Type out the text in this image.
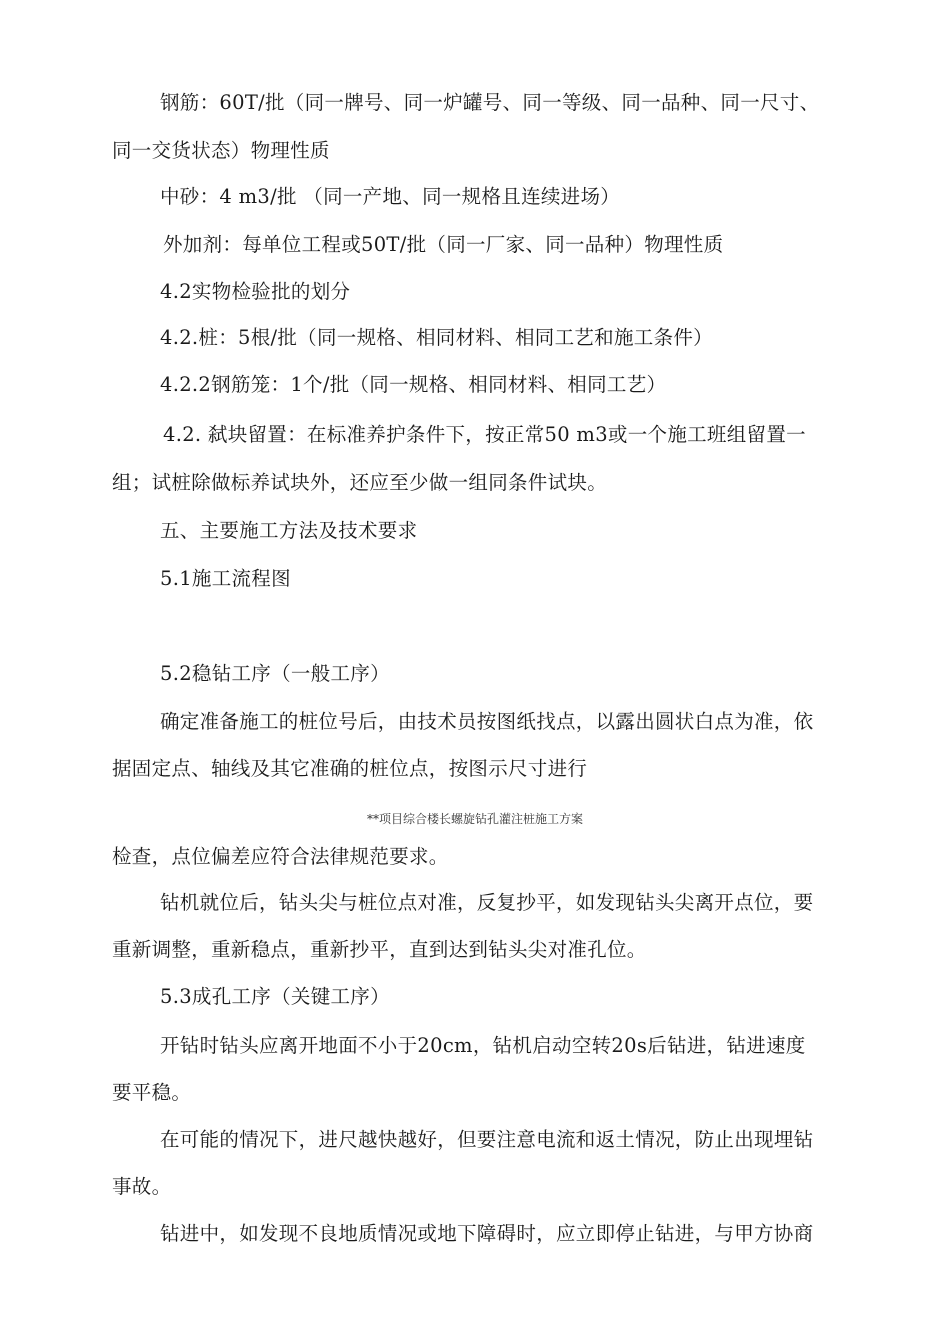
钢筋：60T/批（同一牌号、同一炉罐号、同一等级、同一品种、同一尺寸、
同一交货状态）物理性质
中砂：4 m3/批 （同一产地、同一规格且连续进场）
外加剂：每单位工程或50T/批（同一厂家、同一品种）物理性质
4.2实物检验批的划分
4.2.桩：5根/批（同一规格、相同材料、相同工艺和施工条件）
4.2.2钢筋笼：1个/批（同一规格、相同材料、相同工艺）
4.2. 弑块留置：在标准养护条件下，按正常50 m3或一个施工班组留置一
组；试桩除做标养试块外，还应至少做一组同条件试块。
五、主要施工方法及技术要求
5.1施工流程图
5.2稳钻工序（一般工序）
确定准备施工的桩位号后，由技术员按图纸找点，以露出圆状白点为准，依
据固定点、轴线及其它准确的桩位点，按图示尺寸进行
**项目综合楼长螺旋钻孔灌注桩施工方案
检查，点位偏差应符合法律规范要求。
钻机就位后，钻头尖与桩位点对准，反复抄平，如发现钻头尖离开点位，要
重新调整，重新稳点，重新抄平，直到达到钻头尖对准孔位。
5.3成孔工序（关键工序）
开钻时钻头应离开地面不小于20cm，钻机启动空转20s后钻进，钻进速度
要平稳。
在可能的情况下，进尺越快越好，但要注意电流和返土情况，防止出现埋钻
事故。
钻进中，如发现不良地质情况或地下障碍时，应立即停止钻进，与甲方协商
